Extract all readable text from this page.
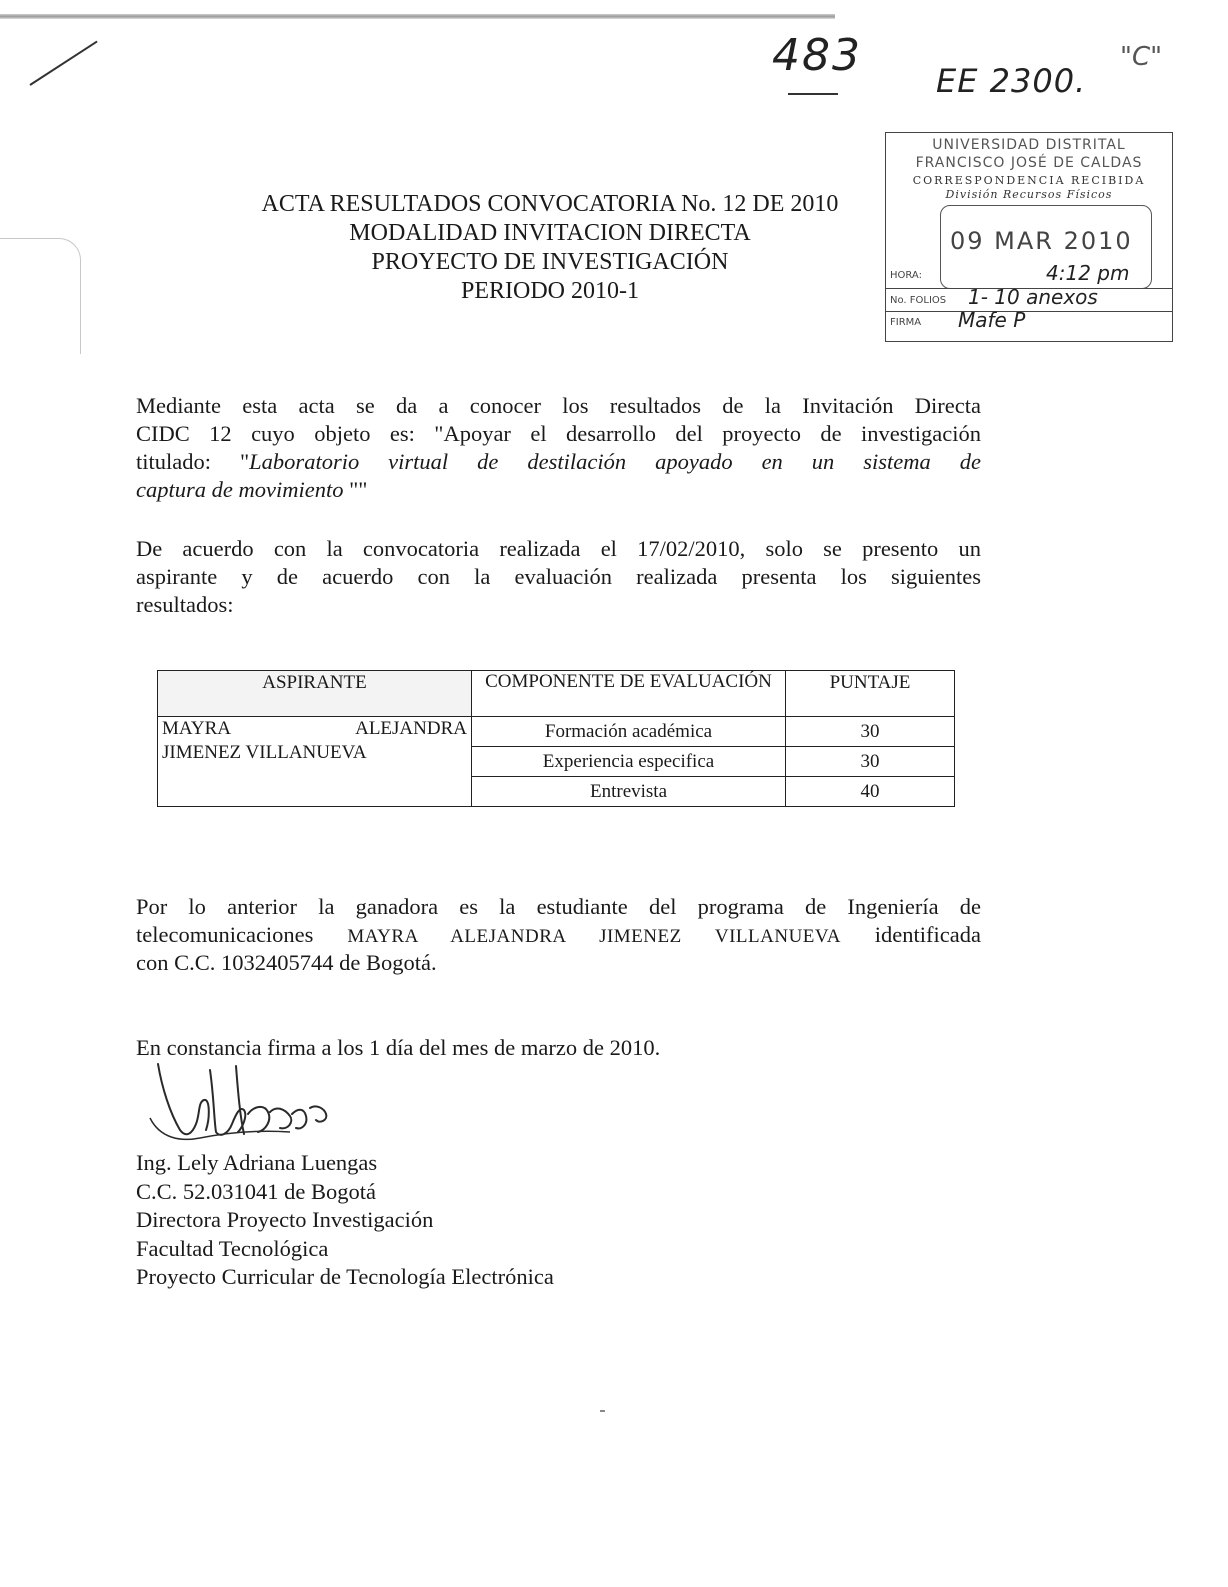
483 EE 2300.
"C"
UNIVERSIDAD DISTRITAL
FRANCISCO JOSÉ DE CALDAS
CORRESPONDENCIA RECIBIDA
División Recursos Físicos
09 MAR 2010
HORA:	4:12 pm
No. FOLIOS 1- 10 anexos
FIRMA Mafe P
ACTA RESULTADOS CONVOCATORIA No. 12 DE 2010
MODALIDAD INVITACION DIRECTA
PROYECTO DE INVESTIGACIÓN
PERIODO 2010-1
Mediante esta acta se da a conocer los resultados de la Invitación Directa
CIDC 12 cuyo objeto es: "Apoyar el desarrollo del proyecto de investigación
titulado: "Laboratorio virtual de destilación apoyado en un sistema de
captura de movimiento ""
De acuerdo con la convocatoria realizada el 17/02/2010, solo se presento un
aspirante y de acuerdo con la evaluación realizada presenta los siguientes
resultados:
ASPIRANTE	COMPONENTE DE EVALUACIÓN	PUNTAJE

MAYRA ALEJANDRA
JIMENEZ VILLANUEVA	Formación académica	30
	Experiencia especifica	30
	Entrevista	40
Por lo anterior la ganadora es la estudiante del programa de Ingeniería de
telecomunicaciones MAYRA ALEJANDRA JIMENEZ VILLANUEVA identificada
con C.C. 1032405744 de Bogotá.
En constancia firma a los 1 día del mes de marzo de 2010.
Ing. Lely Adriana Luengas
C.C. 52.031041 de Bogotá
Directora Proyecto Investigación
Facultad Tecnológica
Proyecto Curricular de Tecnología Electrónica
